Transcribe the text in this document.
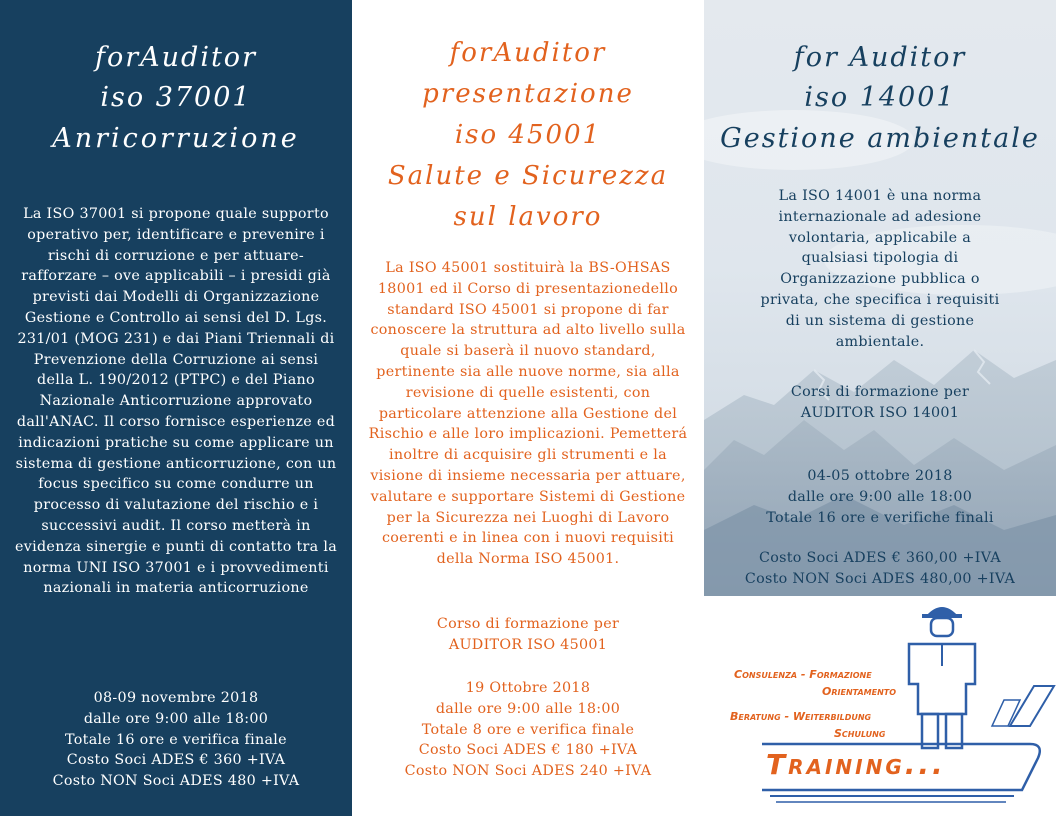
forAuditor
iso 37001
Anricorruzione

La ISO 37001 si propone quale supporto operativo per, identificare e prevenire i rischi di corruzione e per attuare-rafforzare – ove applicabili – i presidi già previsti dai Modelli di Organizzazione Gestione e Controllo ai sensi del D. Lgs. 231/01 (MOG 231) e dai Piani Triennali di Prevenzione della Corruzione ai sensi della L. 190/2012 (PTPC) e del Piano Nazionale Anticorruzione approvato dall'ANAC. Il corso fornisce esperienze ed indicazioni pratiche su come applicare un sistema di gestione anticorruzione, con un focus specifico su come condurre un processo di valutazione del rischio e i successivi audit. Il corso metterà in evidenza sinergie e punti di contatto tra la norma UNI ISO 37001 e i provvedimenti nazionali in materia anticorruzione

08-09 novembre 2018

dalle ore 9:00 alle 18:00

Totale 16 ore e verifica finale

Costo Soci ADES € 360 +IVA

Costo NON Soci ADES 480 +IVA

forAuditor
presentazione
iso 45001
Salute e Sicurezza
sul lavoro

La ISO 45001 sostituirà la BS-OHSAS 18001 ed il Corso di presentazionedello standard ISO 45001 si propone di far conoscere la struttura ad alto livello sulla quale si baserà il nuovo standard, pertinente sia alle nuove norme, sia alla revisione di quelle esistenti, con particolare attenzione alla Gestione del Rischio e alle loro implicazioni. Pemetterá inoltre di acquisire gli strumenti e la visione di insieme necessaria per attuare, valutare e supportare Sistemi di Gestione per la Sicurezza nei Luoghi di Lavoro coerenti e in linea con i nuovi requisiti della Norma ISO 45001.

Corso di formazione per

AUDITOR ISO 45001

19 Ottobre 2018

dalle ore 9:00 alle 18:00

Totale 8 ore e verifica finale

Costo Soci ADES € 180 +IVA

Costo NON Soci ADES 240 +IVA

for Auditor
iso 14001
Gestione ambientale

La ISO 14001 è una norma internazionale ad adesione volontaria, applicabile a qualsiasi tipologia di Organizzazione pubblica o privata, che specifica i requisiti di un sistema di gestione ambientale.

Corsi di formazione per

AUDITOR ISO 14001

04-05 ottobre 2018

dalle ore 9:00 alle 18:00

Totale 16 ore e verifiche finali

Costo Soci ADES € 360,00 +IVA

Costo NON Soci ADES 480,00 +IVA

Consulenza - Formazione
Orientamento
Beratung - Weiterbildung
Schulung
Training...
